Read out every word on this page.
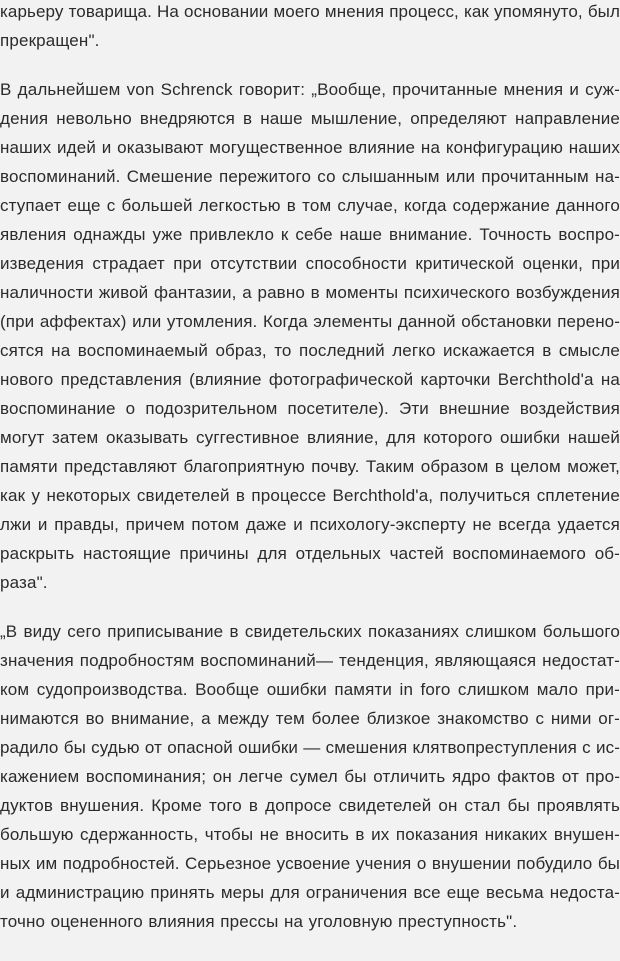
карьеру товарища. На основании моего мнения процесс, как упомянуто, был
прекращен".
В дальнейшем von Schrenck говорит: „Вообще, прочитанные мнения и суж-
дения невольно внедряются в наше мышление, определяют направление
наших идей и оказывают могущественное влияние на конфигурацию наших
воспоминаний. Смешение пережитого со слышанным или прочитанным на-
ступает еще с большей легкостью в том случае, когда содержание данного
явления однажды уже привлекло к себе наше внимание. Точность воспро-
изведения страдает при отсутствии способности критической оценки, при
наличности живой фантазии, а равно в моменты психического возбуждения
(при аффектах) или утомления. Когда элементы данной обстановки перено-
сятся на воспоминаемый образ, то последний легко искажается в смысле
нового представления (влияние фотографической карточки Berchthold'a на
воспоминание о подозрительном посетителе). Эти внешние воздействия
могут затем оказывать суггестивное влияние, для которого ошибки нашей
памяти представляют благоприятную почву. Таким образом в целом может,
как у некоторых свидетелей в процессе Berchthold'a, получиться сплетение
лжи и правды, причем потом даже и психологу-эксперту не всегда удается
раскрыть настоящие причины для отдельных частей воспоминаемого об-
раза".
„В виду сего приписывание в свидетельских показаниях слишком большого
значения подробностям воспоминаний— тенденция, являющаяся недостат-
ком судопроизводства. Вообще ошибки памяти in foro слишком мало при-
нимаются во внимание, а между тем более близкое знакомство с ними ог-
радило бы судью от опасной ошибки — смешения клятвопреступления с ис-
кажением воспоминания; он легче сумел бы отличить ядро фактов от про-
дуктов внушения. Кроме того в допросе свидетелей он стал бы проявлять
большую сдержанность, чтобы не вносить в их показания никаких внушен-
ных им подробностей. Серьезное усвоение учения о внушении побудило бы
и администрацию принять меры для ограничения все еще весьма недоста-
точно оцененного влияния прессы на уголовную преступность".
